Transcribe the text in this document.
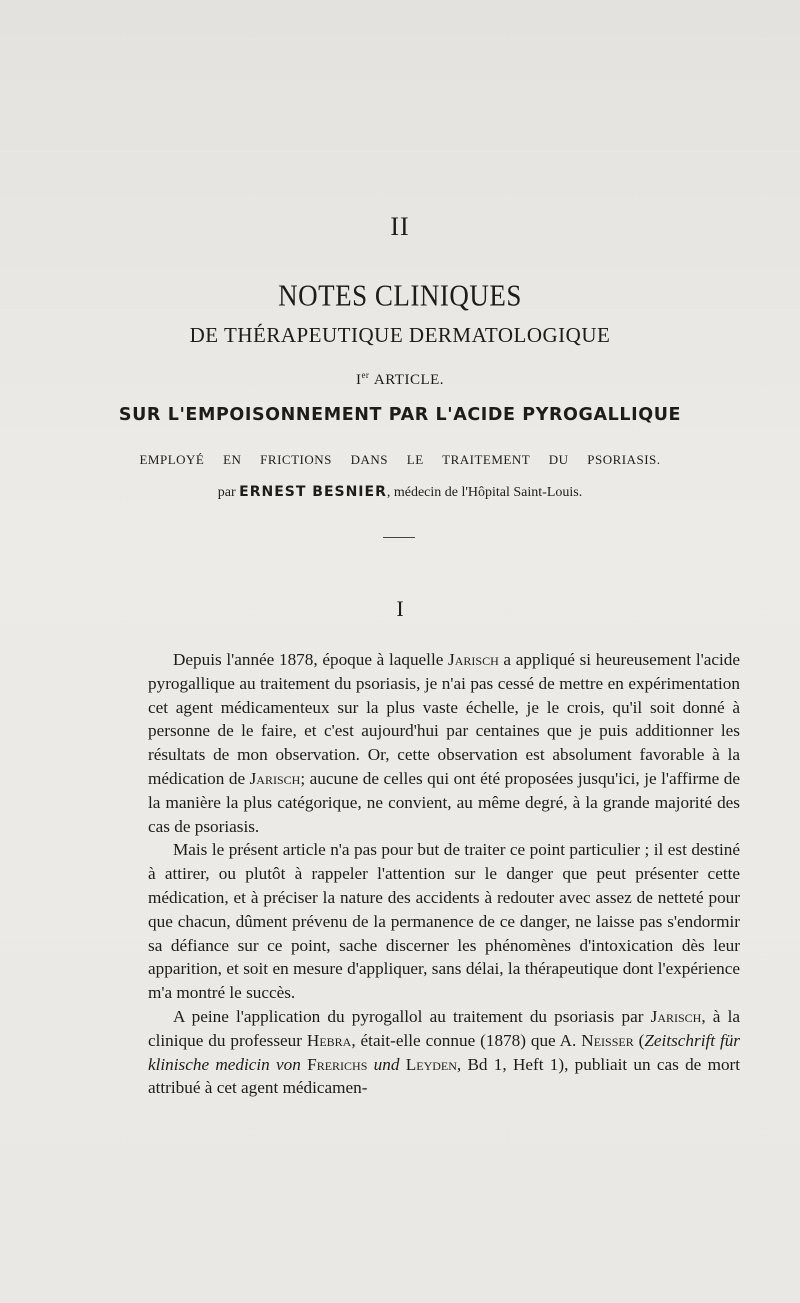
II
NOTES CLINIQUES
DE THÉRAPEUTIQUE DERMATOLOGIQUE
Ier ARTICLE.
SUR L'EMPOISONNEMENT PAR L'ACIDE PYROGALLIQUE
EMPLOYÉ EN FRICTIONS DANS LE TRAITEMENT DU PSORIASIS.
par ERNEST BESNIER, médecin de l'Hôpital Saint-Louis.
I

Depuis l'année 1878, époque à laquelle Jarisch a appliqué si heureusement l'acide pyrogallique au traitement du psoriasis, je n'ai pas cessé de mettre en expérimentation cet agent médicamenteux sur la plus vaste échelle, je le crois, qu'il soit donné à personne de le faire, et c'est aujourd'hui par centaines que je puis additionner les résultats de mon observation. Or, cette observation est absolument favorable à la médication de Jarisch; aucune de celles qui ont été proposées jusqu'ici, je l'affirme de la manière la plus catégorique, ne convient, au même degré, à la grande majorité des cas de psoriasis.

Mais le présent article n'a pas pour but de traiter ce point particulier ; il est destiné à attirer, ou plutôt à rappeler l'attention sur le danger que peut présenter cette médication, et à préciser la nature des accidents à redouter avec assez de netteté pour que chacun, dûment prévenu de la permanence de ce danger, ne laisse pas s'endormir sa défiance sur ce point, sache discerner les phénomènes d'intoxication dès leur apparition, et soit en mesure d'appliquer, sans délai, la thérapeutique dont l'expérience m'a montré le succès.

A peine l'application du pyrogallol au traitement du psoriasis par Jarisch, à la clinique du professeur Hebra, était-elle connue (1878) que A. Neisser (Zeitschrift für klinische medicin von Frerichs und Leyden, Bd 1, Heft 1), publiait un cas de mort attribué à cet agent médicamen-
